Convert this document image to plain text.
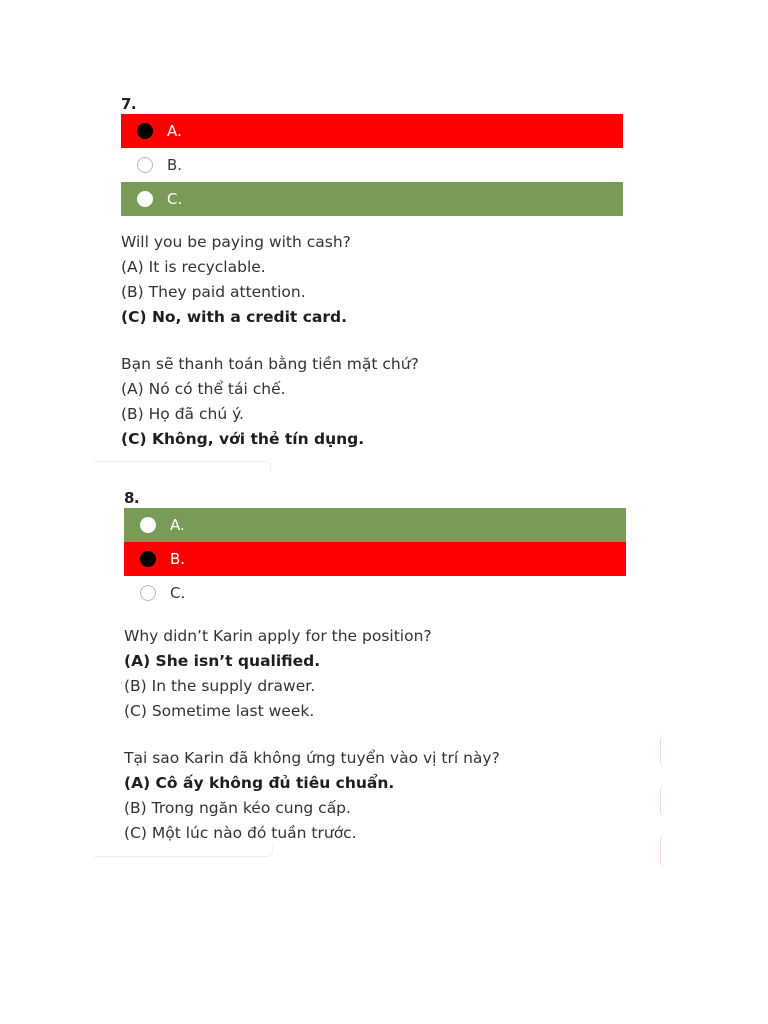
7.
A.
B.
C.
Will you be paying with cash?
(A) It is recyclable.
(B) They paid attention.
(C) No, with a credit card.
Bạn sẽ thanh toán bằng tiền mặt chứ?
(A) Nó có thể tái chế.
(B) Họ đã chú ý.
(C) Không, với thẻ tín dụng.
8.
A.
B.
C.
Why didn’t Karin apply for the position?
(A) She isn’t qualified.
(B) In the supply drawer.
(C) Sometime last week.
Tại sao Karin đã không ứng tuyển vào vị trí này?
(A) Cô ấy không đủ tiêu chuẩn.
(B) Trong ngăn kéo cung cấp.
(C) Một lúc nào đó tuần trước.
